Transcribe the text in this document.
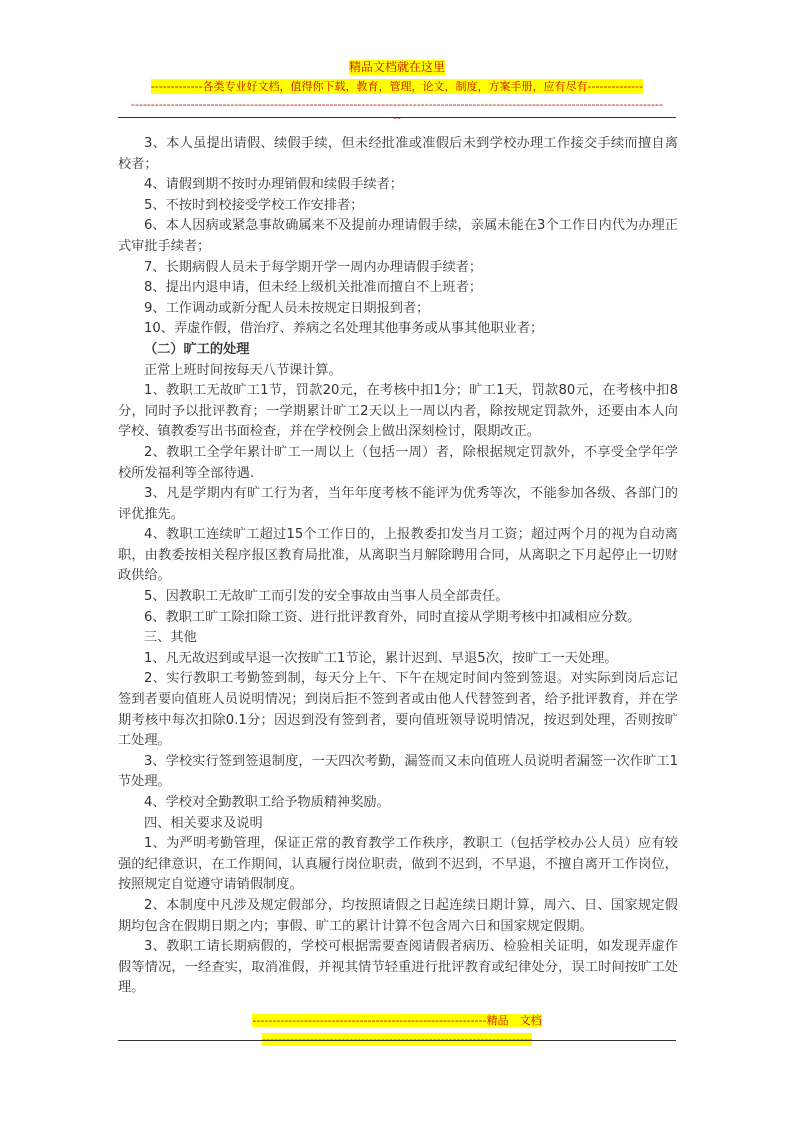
精品文档就在这里
-------------各类专业好文档，值得你下载，教育，管理，论文，制度，方案手册，应有尽有--------------
--------------------------------------------------------------------------------------------------------------------------------------
--

3、本人虽提出请假、续假手续，但未经批准或准假后未到学校办理工作接交手续而擅自离校者；

4、请假到期不按时办理销假和续假手续者；

5、不按时到校接受学校工作安排者；

6、本人因病或紧急事故确属来不及提前办理请假手续，亲属未能在3个工作日内代为办理正式审批手续者；

7、长期病假人员未于每学期开学一周内办理请假手续者；

8、提出内退申请，但未经上级机关批准而擅自不上班者；

9、工作调动或新分配人员未按规定日期报到者；

10、弄虚作假，借治疗、养病之名处理其他事务或从事其他职业者；

（二）旷工的处理

正常上班时间按每天八节课计算。

1、教职工无故旷工1节，罚款20元，在考核中扣1分；旷工1天，罚款80元，在考核中扣8分，同时予以批评教育；一学期累计旷工2天以上一周以内者，除按规定罚款外，还要由本人向学校、镇教委写出书面检查，并在学校例会上做出深刻检讨，限期改正。

2、教职工全学年累计旷工一周以上（包括一周）者，除根据规定罚款外，不享受全学年学校所发福利等全部待遇.

3、凡是学期内有旷工行为者，当年年度考核不能评为优秀等次，不能参加各级、各部门的评优推先。

4、教职工连续旷工超过15个工作日的，上报教委扣发当月工资；超过两个月的视为自动离职，由教委按相关程序报区教育局批准，从离职当月解除聘用合同，从离职之下月起停止一切财政供给。

5、因教职工无故旷工而引发的安全事故由当事人员全部责任。

6、教职工旷工除扣除工资、进行批评教育外，同时直接从学期考核中扣减相应分数。

三、其他

1、凡无故迟到或早退一次按旷工1节论，累计迟到、早退5次，按旷工一天处理。

2、实行教职工考勤签到制，每天分上午、下午在规定时间内签到签退。对实际到岗后忘记签到者要向值班人员说明情况；到岗后拒不签到者或由他人代替签到者，给予批评教育，并在学期考核中每次扣除0.1分；因迟到没有签到者，要向值班领导说明情况，按迟到处理，否则按旷工处理。

3、学校实行签到签退制度，一天四次考勤，漏签而又未向值班人员说明者漏签一次作旷工1节处理。

4、学校对全勤教职工给予物质精神奖励。

四、相关要求及说明

1、为严明考勤管理，保证正常的教育教学工作秩序，教职工（包括学校办公人员）应有较强的纪律意识，在工作期间，认真履行岗位职责，做到不迟到，不早退，不擅自离开工作岗位，按照规定自觉遵守请销假制度。

2、本制度中凡涉及规定假部分，均按照请假之日起连续日期计算，周六、日、国家规定假期均包含在假期日期之内；事假、旷工的累计计算不包含周六日和国家规定假期。

3、教职工请长期病假的，学校可根据需要查阅请假者病历、检验相关证明，如发现弄虚作假等情况，一经查实，取消准假，并视其情节轻重进行批评教育或纪律处分，误工时间按旷工处理。

-----------------------------------------------------------精品　文档
--------------------------------------------------------------------
